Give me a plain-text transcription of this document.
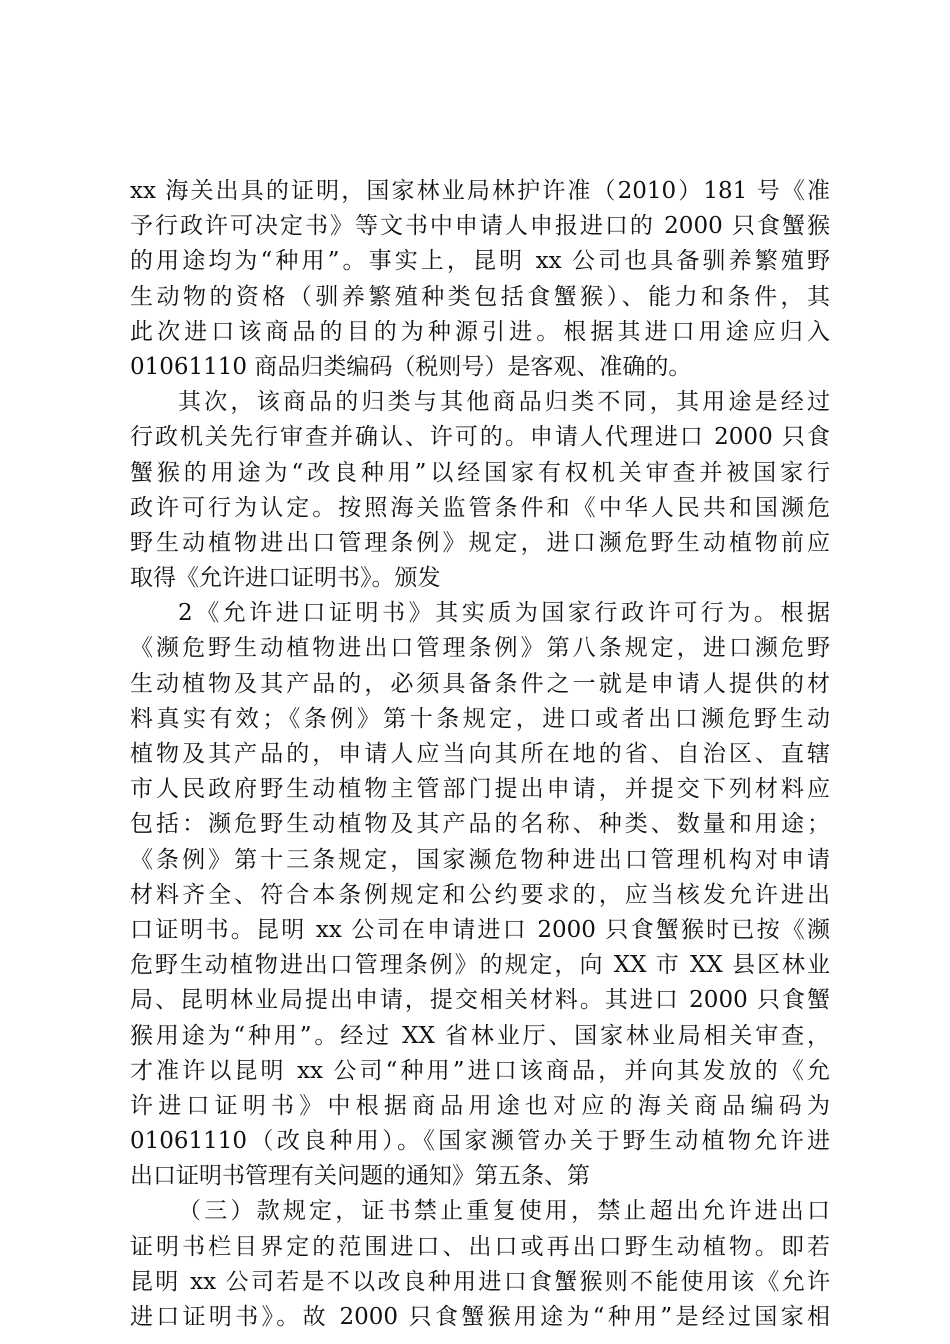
xx 海关出具的证明，国家林业局林护许准（2010）181 号《准
予行政许可决定书》等文书中申请人申报进口的 2000 只食蟹猴
的用途均为“种用”。事实上，昆明 xx 公司也具备驯养繁殖野
生动物的资格（驯养繁殖种类包括食蟹猴）、能力和条件，其
此次进口该商品的目的为种源引进。根据其进口用途应归入
01061110 商品归类编码（税则号）是客观、准确的。
其次，该商品的归类与其他商品归类不同，其用途是经过
行政机关先行审查并确认、许可的。申请人代理进口 2000 只食
蟹猴的用途为“改良种用”以经国家有权机关审查并被国家行
政许可行为认定。按照海关监管条件和《中华人民共和国濒危
野生动植物进出口管理条例》规定，进口濒危野生动植物前应
取得《允许进口证明书》。颁发
2《允许进口证明书》其实质为国家行政许可行为。根据
《濒危野生动植物进出口管理条例》第八条规定，进口濒危野
生动植物及其产品的，必须具备条件之一就是申请人提供的材
料真实有效；《条例》第十条规定，进口或者出口濒危野生动
植物及其产品的，申请人应当向其所在地的省、自治区、直辖
市人民政府野生动植物主管部门提出申请，并提交下列材料应
包括：濒危野生动植物及其产品的名称、种类、数量和用途；
《条例》第十三条规定，国家濒危物种进出口管理机构对申请
材料齐全、符合本条例规定和公约要求的，应当核发允许进出
口证明书。昆明 xx 公司在申请进口 2000 只食蟹猴时已按《濒
危野生动植物进出口管理条例》的规定，向 XX 市 XX 县区林业
局、昆明林业局提出申请，提交相关材料。其进口 2000 只食蟹
猴用途为“种用”。经过 XX 省林业厅、国家林业局相关审查，
才准许以昆明 xx 公司“种用”进口该商品，并向其发放的《允
许进口证明书》中根据商品用途也对应的海关商品编码为
01061110（改良种用）。《国家濒管办关于野生动植物允许进
出口证明书管理有关问题的通知》第五条、第
（三）款规定，证书禁止重复使用，禁止超出允许进出口
证明书栏目界定的范围进口、出口或再出口野生动植物。即若
昆明 xx 公司若是不以改良种用进口食蟹猴则不能使用该《允许
进口证明书》。故 2000 只食蟹猴用途为“种用”是经过国家相
